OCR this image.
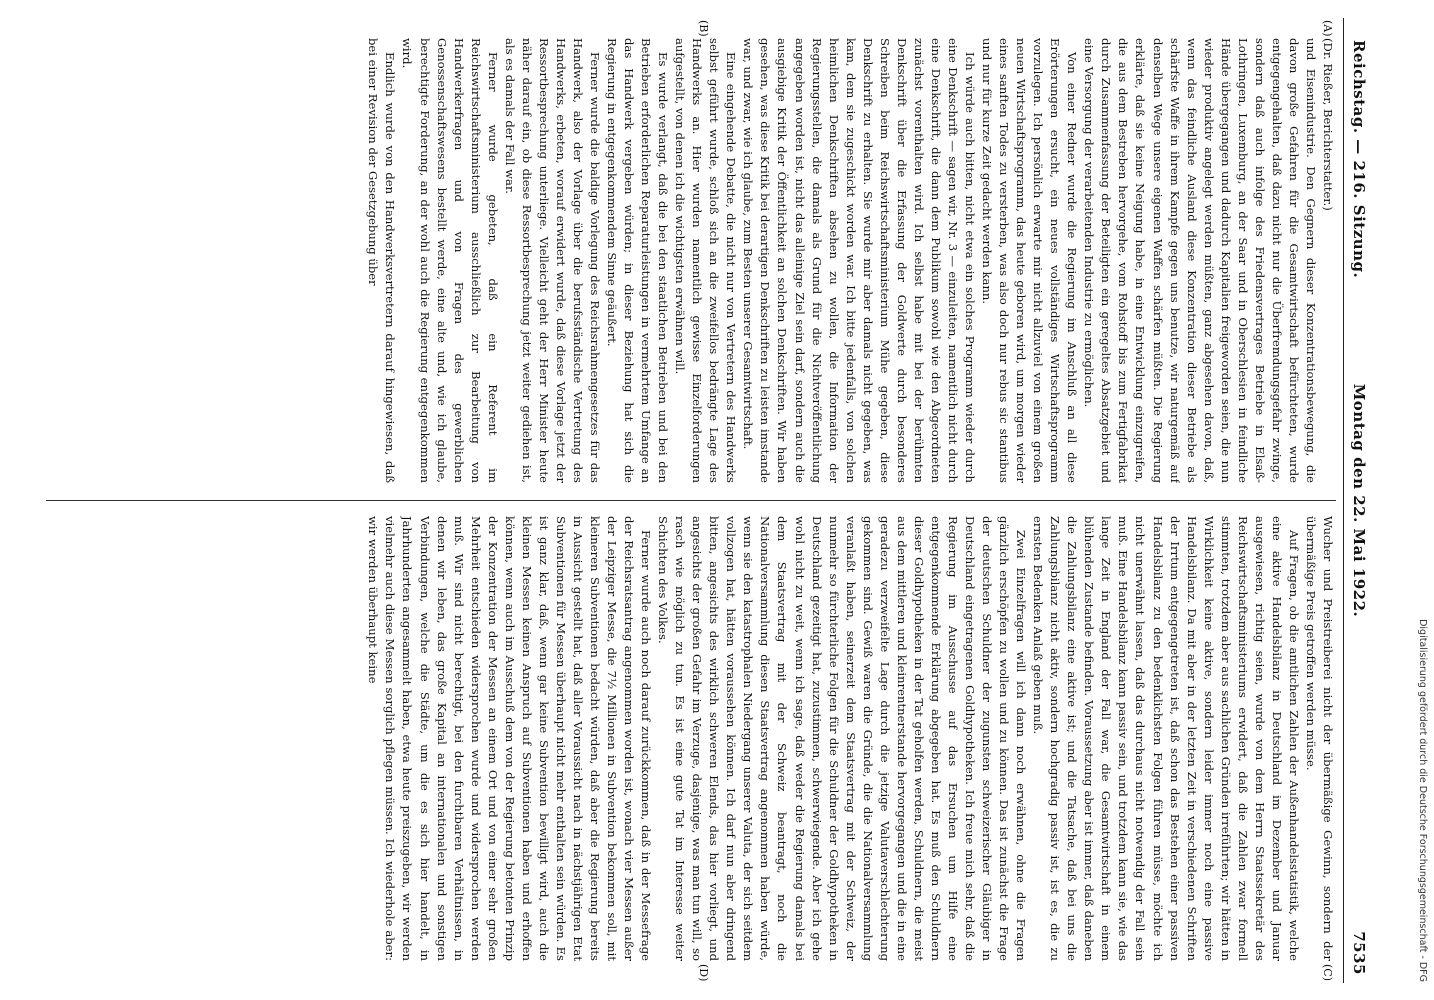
Reichstag. — 216. Sitzung.
Montag den 22. Mai 1922.
7535
(A)
(B)
(C)
(D)

(Dr. Rießer, Berichterstatter.)

und Eisenindustrie. Den Gegnern dieser Konzentrationsbewegung, die davon große Gefahren für die Gesamtwirtschaft befürchteten, wurde entgegengehalten, daß dazu nicht nur die Überfremdungsgefahr zwinge, sondern daß auch infolge des Friedensvertrages Betriebe in Elsaß-Lothringen, Luxemburg, an der Saar und in Oberschlesien in feindliche Hände übergegangen und dadurch Kapitalien freigeworden seien, die nun wieder produktiv angelegt werden müßten, ganz abgesehen davon, daß, wenn das feindliche Ausland diese Konzentration dieser Betriebe als schärfste Waffe in ihrem Kampfe gegen uns benutze, wir naturgemäß auf denselben Wege unsere eigenen Waffen schärfen müßten. Die Regierung erklärte, daß sie keine Neigung habe, in eine Entwicklung einzugreifen, die aus dem Bestreben hervorgehe, vom Rohstoff bis zum Fertigfabrikat durch Zusammenfassung der Beteiligten ein geregeltes Absatzgebiet und eine Versorgung der verarbeitenden Industrie zu ermöglichen.

Von einer Redner wurde die Regierung im Anschluß an all diese Erörterungen ersucht, ein neues vollständiges Wirtschaftsprogramm vorzulegen. Ich persönlich erwarte mir nicht allzuviel von einem großen neuen Wirtschaftsprogramm, das heute geboren wird, um morgen wieder eines sanften Todes zu versterben, was also doch nur rebus sic stantibus und nur für kurze Zeit gedacht werden kann.

Ich würde auch bitten, nicht etwa ein solches Programm wieder durch eine Denkschrift — sagen wir, Nr. 3 — einzuleiten, namentlich nicht durch eine Denkschrift, die dann dem Publikum sowohl wie den Abgeordneten zunächst vorenthalten wird. Ich selbst habe mit bei der berühmten Denkschrift über die Erfassung der Goldwerte durch besonderes Schreiben beim Reichswirtschaftsministerium Mühe gegeben, diese Denkschrift zu erhalten. Sie wurde mir aber damals nicht gegeben, was kam, dem sie zugeschickt worden war. Ich bitte jedenfalls, von solchen heimlichen Denkschriften absehen zu wollen, die Information der Regierungsstellen, die damals als Grund für die Nichtveröffentlichung angegeben worden ist, nicht das alleinige Ziel sein darf, sondern auch die ausgiebige Kritik der Öffentlichkeit an solchen Denkschriften. Wir haben gesehen, was diese Kritik bei derartigen Denkschriften zu leisten imstande war, und zwar, wie ich glaube, zum Besten unserer Gesamtwirtschaft.

Eine eingehende Debatte, die nicht nur von Vertretern des Handwerks selbst geführt wurde, schloß sich an die zweifellos bedrängte Lage des Handwerks an. Hier wurden namentlich gewisse Einzelforderungen aufgestellt, von denen ich die wichtigsten erwähnen will.

Es wurde verlangt, daß die bei den staatlichen Betrieben und bei den Betrieben erforderlichen Reparaturleistungen in vermehrtem Umfange an das Handwerk vergeben würden; in dieser Beziehung hat sich die Regierung in entgegenkommendem Sinne geäußert.

Ferner wurde die baldige Vorlegung des Reichsrahmengesetzes für das Handwerk, also der Vorlage über die berufsständische Vertretung des Handwerks, erbeten, worauf erwidert wurde, daß diese Vorlage jetzt der Ressortbesprechung unterliege. Vielleicht geht der Herr Minister heute näher darauf ein, ob diese Ressortbesprechung jetzt weiter gediehen ist, als es damals der Fall war.

Ferner wurde gebeten, daß ein Referent im Reichswirtschaftsministerium ausschließlich zur Bearbeitung von Handwerkerfragen und von Fragen des gewerblichen Genossenschaftswesens bestellt werde, eine alte und, wie ich glaube, berechtigte Forderung, an der wohl auch die Regierung entgegenkommen wird.

Endlich wurde von den Handwerksvertretern darauf hingewiesen, daß bei einer Revision der Gesetzgebung über

Wucher und Preistreiberei nicht der übermäßige Gewinn, sondern der übermäßige Preis getroffen werden müsse.

Auf Fragen, ob die amtlichen Zahlen der Außenhandelsstatistik, welche eine aktive Handelsbilanz in Deutschland im Dezember und Januar ausgewiesen, richtig seien, wurde von dem Herrn Staatssekretär des Reichswirtschaftsministeriums erwidert, daß die Zahlen zwar formell stimmten, trotzdem aber aus sachlichen Gründen irreführten; wir hätten in Wirklichkeit keine aktive, sondern leider immer noch eine passive Handelsbilanz. Da mit aber in der letzten Zeit in verschiedenen Schriften der Irrtum entgegengetreten ist, daß schon das Bestehen einer passiven Handelsbilanz zu den bedenklichsten Folgen führen müsse, möchte ich nicht unerwähnt lassen, daß das durchaus nicht notwendig der Fall sein muß. Eine Handelsbilanz kann passiv sein, und trotzdem kann sie, wie das lange Zeit in England der Fall war, die Gesamtwirtschaft in einem blühenden Zustande befinden. Voraussetzung aber ist immer, daß daneben die Zahlungsbilanz eine aktive ist; und die Tatsache, daß bei uns die Zahlungsbilanz nicht aktiv, sondern hochgradig passiv ist, ist es, die zu ernsten Bedenken Anlaß geben muß.

Zwei Einzelfragen will ich dann noch erwähnen, ohne die Fragen gänzlich erschöpfen zu wollen und zu können. Das ist zunächst die Frage der deutschen Schuldner der zugunsten schweizerischer Gläubiger in Deutschland eingetragenen Goldhypotheken. Ich freue mich sehr, daß die Regierung im Ausschusse auf das Ersuchen um Hilfe eine entgegenkommende Erklärung abgegeben hat. Es muß den Schuldnern dieser Goldhypotheken in der Tat geholfen werden, Schuldnern, die meist aus dem mittleren und kleinrentnerstande hervorgegangen und die in eine geradezu verzweifelte Lage durch die jetzige Valutaverschlechterung gekommen sind. Gewiß waren die Gründe, die die Nationalversammlung veranlaßt haben, seinerzeit dem Staatsvertrag mit der Schweiz, der nunmehr so fürchterliche Folgen für die Schuldner der Goldhypotheken in Deutschland gezeitigt hat, zuzustimmen, schwerwiegende. Aber ich gehe wohl nicht zu weit, wenn ich sage, daß weder die Regierung damals bei dem Staatsvertrag mit der Schweiz beantragt, noch die Nationalversammlung diesen Staatsvertrag angenommen haben würde, wenn sie den katastrophalen Niedergang unserer Valuta, der sich seitdem vollzogen hat, hätten voraussehen können. Ich darf nun aber dringend bitten, angesichts des wirklich schweren Elends, das hier vorliegt, und angesichts der großen Gefahr im Verzuge, dasjenige, was man tun will, so rasch wie möglich zu tun. Es ist eine gute Tat im Interesse weiter Schichten des Volkes.

Ferner wurde auch noch darauf zurückkommen, daß in der Messefrage der Reichsratsantrag angenommen worden ist, wonach vier Messen außer der Leipziger Messe, die 7½ Millionen in Subvention bekommen soll, mit kleineren Subventionen bedacht würden, daß aber die Regierung bereits in Aussicht gestellt hat, daß aller Voraussicht nach in nächstjährigen Etat Subventionen für Messen überhaupt nicht mehr enthalten sein würden. Es ist ganz klar, daß, wenn gar keine Subvention bewilligt wird, auch die kleinen Messen keinen Anspruch auf Subventionen haben und erhoffen können, wenn auch im Ausschuß dem von der Regierung betonten Prinzip der Konzentration der Messen an einem Ort und von einer sehr großen Mehrheit entschieden widersprochen wurde und widersprochen werden muß. Wir sind nicht berechtigt, bei den furchtbaren Verhältnissen, in denen wir leben, das große Kapital an internationalen und sonstigen Verbindungen, welche die Städte, um die es sich hier handelt, in Jahrhunderten angesammelt haben, etwa heute preiszugeben, wir werden vielmehr auch diese Messen sorglich pflegen müssen. Ich wiederhole aber: wir werden überhaupt keine

Digitalisierung gefördert durch die Deutsche Forschungsgemeinschaft - DFG
